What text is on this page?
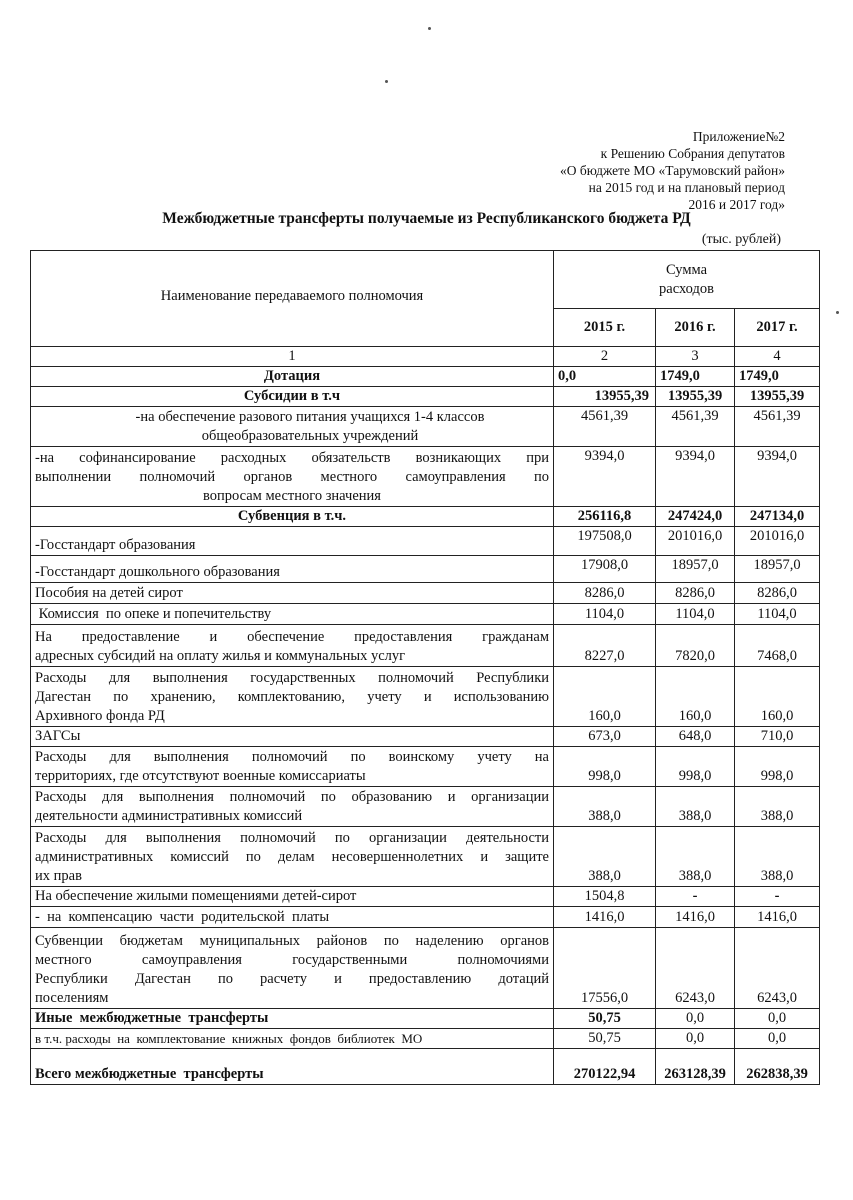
Приложение№2
к Решению Собрания депутатов
«О бюджете МО «Тарумовский район»
на 2015 год и на плановый период
2016 и 2017 год»
Межбюджетные трансферты получаемые из Республиканского бюджета РД
(тыс. рублей)
Наименование передаваемого полномочия	Сумма
расходов		

	2015 г.	2016 г.	2017 г.
1	2	3	4
Дотация	0,0	1749,0	1749,0
Субсидии в т.ч	13955,39	13955,39	13955,39

-на обеспечение разового питания учащихся 1-4 классов
общеобразовательных учреждений	4561,39	4561,39	4561,39

-на софинансирование расходных обязательств возникающих при
выполнении полномочий органов местного самоуправления по
вопросам местного значения	9394,0	9394,0	9394,0
Субвенция в т.ч.	256116,8	247424,0	247134,0
-Госстандарт образования	197508,0	201016,0	201016,0
-Госстандарт дошкольного образования	17908,0	18957,0	18957,0
Пособия на детей сирот	8286,0	8286,0	8286,0
Комиссия  по опеке и попечительству	1104,0	1104,0	1104,0

На предоставление и обеспечение предоставления гражданам
адресных субсидий на оплату жилья и коммунальных услуг	8227,0	7820,0	7468,0

Расходы для выполнения государственных полномочий Республики
Дагестан по хранению, комплектованию, учету и использованию
Архивного фонда РД	160,0	160,0	160,0
ЗАГСы	673,0	648,0	710,0

Расходы для выполнения полномочий по воинскому учету на
территориях, где отсутствуют военные комиссариаты	998,0	998,0	998,0

Расходы для выполнения полномочий по образованию и организации
деятельности административных комиссий	388,0	388,0	388,0

Расходы для выполнения полномочий по организации деятельности
административных комиссий по делам несовершеннолетних и защите
их прав	388,0	388,0	388,0
На обеспечение жилыми помещениями детей-сирот	1504,8	-	-
-  на  компенсацию  части  родительской  платы	1416,0	1416,0	1416,0

Субвенции бюджетам муниципальных районов по наделению органов
местного самоуправления государственными полномочиями
Республики Дагестан по расчету и предоставлению дотаций
поселениям	17556,0	6243,0	6243,0
Иные  межбюджетные  трансферты	50,75	0,0	0,0
в т.ч. расходы  на  комплектование  книжных  фондов  библиотек  МО	50,75	0,0	0,0
Всего межбюджетные  трансферты	270122,94	263128,39	262838,39
